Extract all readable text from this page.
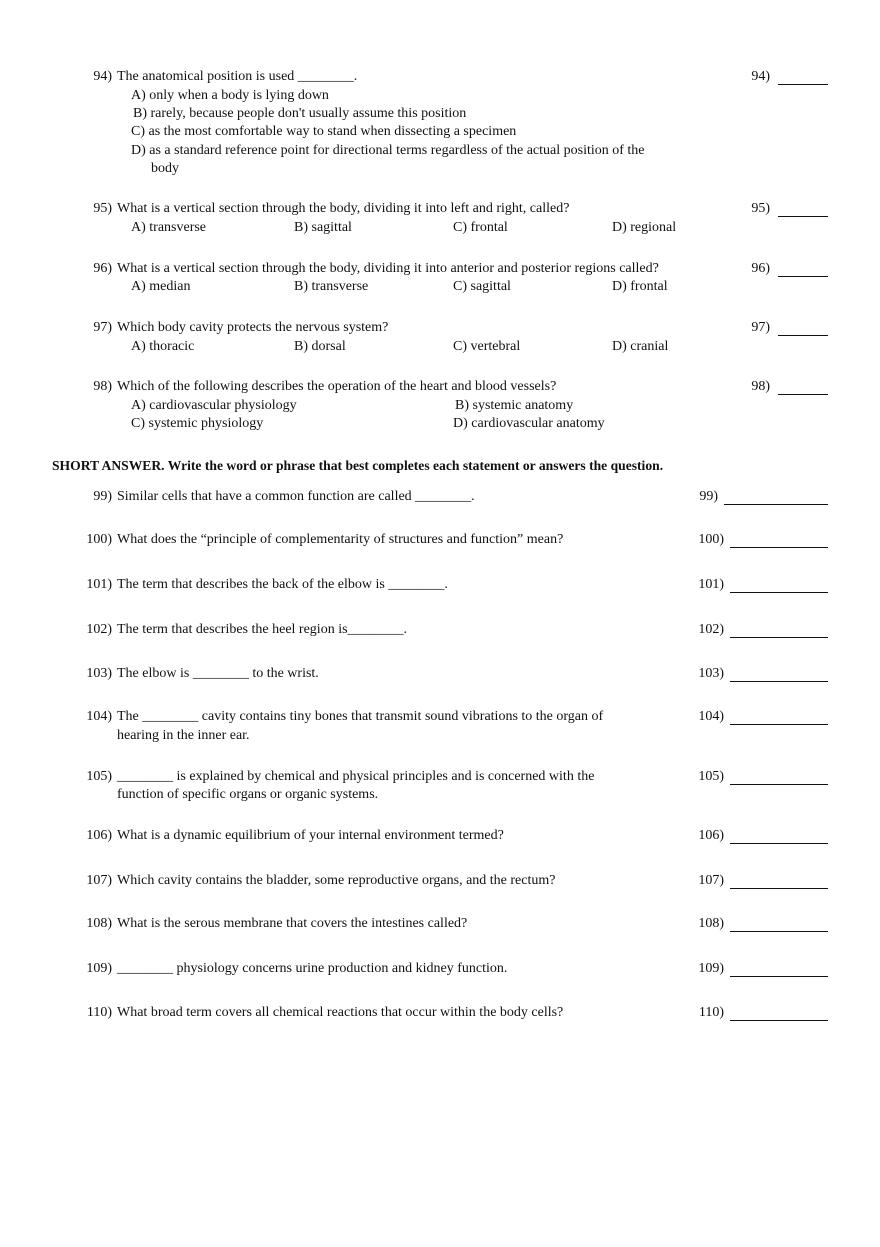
94) The anatomical position is used ________.
A) only when a body is lying down
B) rarely, because people don't usually assume this position
C) as the most comfortable way to stand when dissecting a specimen
D) as a standard reference point for directional terms regardless of the actual position of the
body
94)
95) What is a vertical section through the body, dividing it into left and right, called?
A) transverse	B) sagittal	C) frontal	D) regional
95)
96) What is a vertical section through the body, dividing it into anterior and posterior regions called?
A) median	B) transverse	C) sagittal	D) frontal
96)
97) Which body cavity protects the nervous system?
A) thoracic	B) dorsal	C) vertebral	D) cranial
97)
98) Which of the following describes the operation of the heart and blood vessels?
A) cardiovascular physiology	B) systemic anatomy
C) systemic physiology	D) cardiovascular anatomy
98)
SHORT ANSWER. Write the word or phrase that best completes each statement or answers the question.
99) Similar cells that have a common function are called ________.	99)
100) What does the “principle of complementarity of structures and function” mean?	100)
101) The term that describes the back of the elbow is ________.	101)
102) The term that describes the heel region is________.	102)
103) The elbow is ________ to the wrist.	103)
104) The ________ cavity contains tiny bones that transmit sound vibrations to the organ of
hearing in the inner ear.
104)
105) ________ is explained by chemical and physical principles and is concerned with the
function of specific organs or organic systems.
105)
106) What is a dynamic equilibrium of your internal environment termed?	106)
107) Which cavity contains the bladder, some reproductive organs, and the rectum?	107)
108) What is the serous membrane that covers the intestines called?	108)
109) ________ physiology concerns urine production and kidney function.	109)
110) What broad term covers all chemical reactions that occur within the body cells?	110)
